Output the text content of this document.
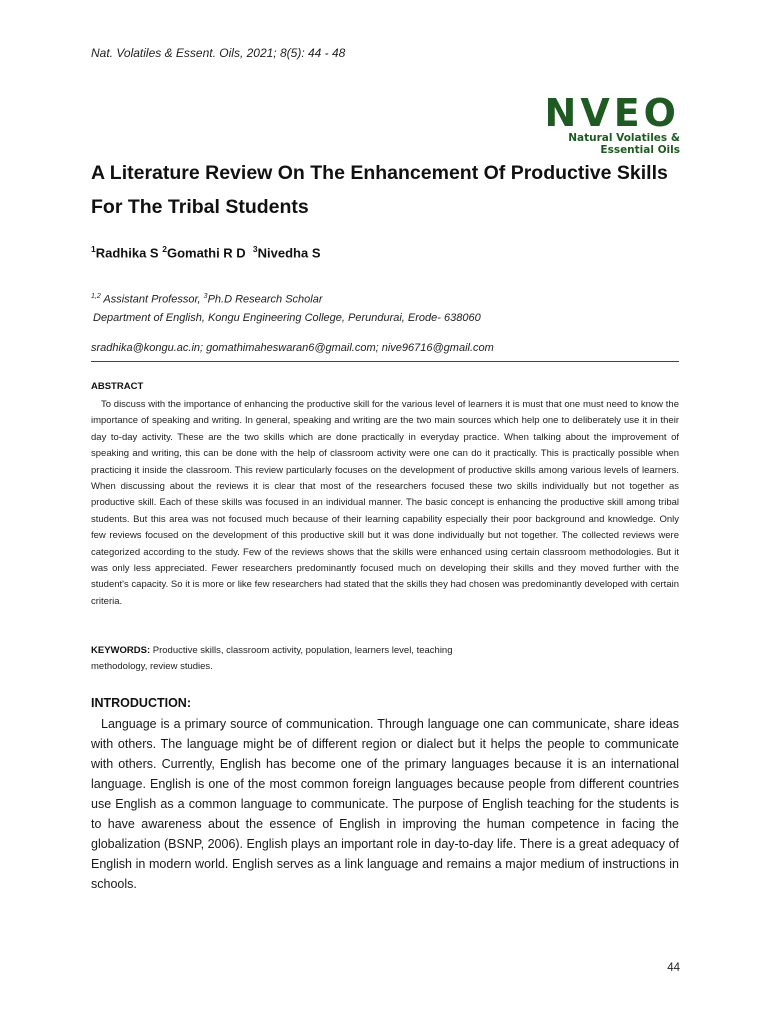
Nat. Volatiles & Essent. Oils, 2021; 8(5): 44 - 48
NVEO
Natural Volatiles &
Essential Oils
A Literature Review On The Enhancement Of Productive Skills For The Tribal Students
$^1$Radhika S $^2$Gomathi R D $^3$Nivedha S
$^{1,2}$ Assistant Professor, $^3$Ph.D Research Scholar
Department of English, Kongu Engineering College, Perundurai, Erode- 638060
sradhika@kongu.ac.in; gomathimaheswaran6@gmail.com; nive96716@gmail.com
ABSTRACT
To discuss with the importance of enhancing the productive skill for the various level of learners it is must that one must need to know the importance of speaking and writing. In general, speaking and writing are the two main sources which help one to deliberately use it in their day to-day activity. These are the two skills which are done practically in everyday practice. When talking about the improvement of speaking and writing, this can be done with the help of classroom activity were one can do it practically. This is practically possible when practicing it inside the classroom. This review particularly focuses on the development of productive skills among various levels of learners. When discussing about the reviews it is clear that most of the researchers focused these two skills individually but not together as productive skill. Each of these skills was focused in an individual manner. The basic concept is enhancing the productive skill among tribal students. But this area was not focused much because of their learning capability especially their poor background and knowledge. Only few reviews focused on the development of this productive skill but it was done individually but not together. The collected reviews were categorized according to the study. Few of the reviews shows that the skills were enhanced using certain classroom methodologies. But it was only less appreciated. Fewer researchers predominantly focused much on developing their skills and they moved further with the student's capacity. So it is more or like few researchers had stated that the skills they had chosen was predominantly developed with certain criteria.
KEYWORDS: Productive skills, classroom activity, population, learners level, teaching methodology, review studies.
INTRODUCTION:
Language is a primary source of communication. Through language one can communicate, share ideas with others. The language might be of different region or dialect but it helps the people to communicate with others. Currently, English has become one of the primary languages because it is an international language. English is one of the most common foreign languages because people from different countries use English as a common language to communicate. The purpose of English teaching for the students is to have awareness about the essence of English in improving the human competence in facing the globalization (BSNP, 2006). English plays an important role in day-to-day life. There is a great adequacy of English in modern world. English serves as a link language and remains a major medium of instructions in schools.
44
